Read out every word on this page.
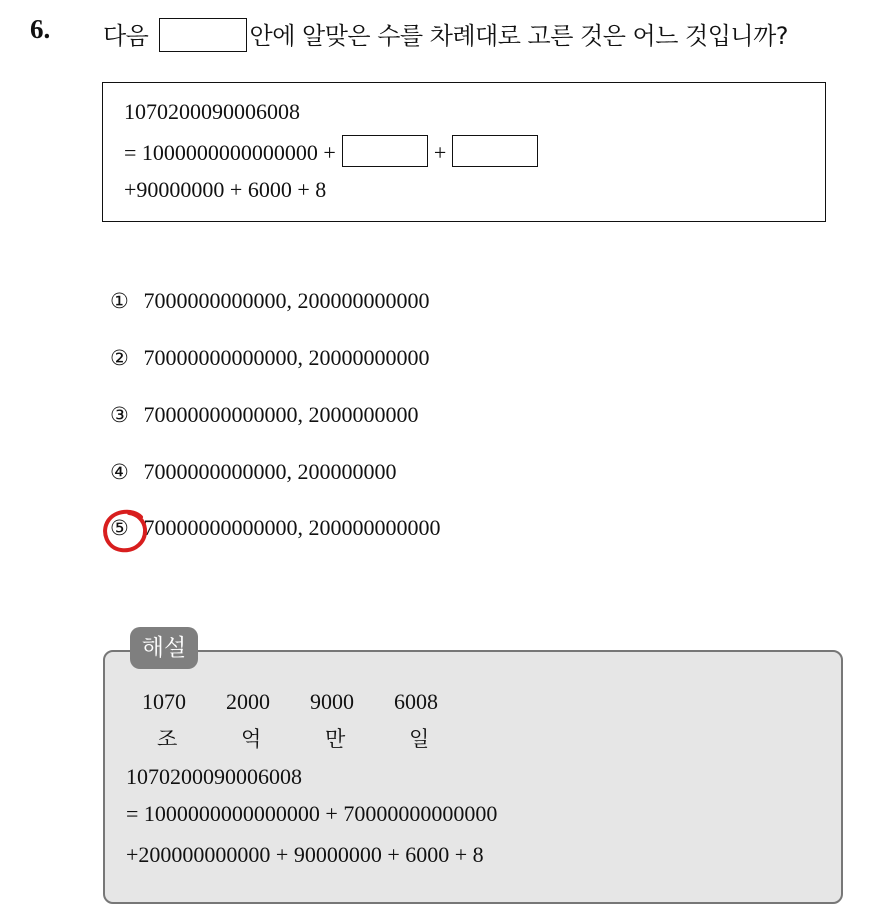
6. 다음	안에 알맞은 수를 차례대로 고른 것은 어느 것입니까?
1070200090006008
= 1000000000000000 +	+
+90000000 + 6000 + 8
① 7000000000000, 200000000000
② 70000000000000, 20000000000
③ 70000000000000, 2000000000
④ 7000000000000, 200000000
⑤ 70000000000000, 200000000000
해설
1070 2000 9000 6008
조	억	만	일
1070200090006008
= 1000000000000000 + 70000000000000
+200000000000 + 90000000 + 6000 + 8
